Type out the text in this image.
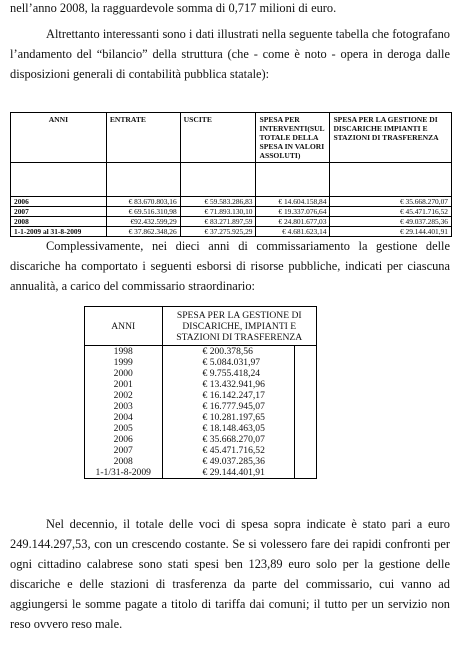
nell’anno 2008, la ragguardevole somma di 0,717 milioni di euro.
Altrettanto interessanti sono i dati illustrati nella seguente tabella che fotografano l’andamento del “bilancio” della struttura (che - come è noto - opera in deroga dalle disposizioni generali di contabilità pubblica statale):
ANNI	ENTRATE	USCITE	SPESA PER INTERVENTI(SUL TOTALE DELLA SPESA IN VALORI ASSOLUTI)	SPESA PER LA GESTIONE DI DISCARICHE IMPIANTI E STAZIONI DI TRASFERENZA

2006	€ 83.670.803,16	€ 59.583.286,83	€ 14.604.158,84	€ 35.668.270,07
2007	€ 69.516.310,98	€ 71.893.130,10	€ 19.337.076,64	€ 45.471.716,52
2008	€92.432.599,29	€ 83.271.897,59	€ 24.801.677,03	€ 49.037.285,36
1-1-2009 al 31-8-2009	€ 37.862.348,26	€ 37.275.925,29	€ 4.681.623,14	€ 29.144.401,91
Complessivamente, nei dieci anni di commissariamento la gestione delle discariche ha comportato i seguenti esborsi di risorse pubbliche, indicati per ciascuna annualità, a carico del commissario straordinario:
ANNI	SPESA PER LA GESTIONE DI DISCARICHE, IMPIANTI E STAZIONI DI TRASFERENZA	
1998	€ 200.378,56	
1999	€ 5.084.031,97	
2000	€ 9.755.418,24	
2001	€ 13.432.941,96	
2002	€ 16.142.247,17	
2003	€ 16.777.945,07	
2004	€ 10.281.197,65	
2005	€ 18.148.463,05	
2006	€ 35.668.270,07	
2007	€ 45.471.716,52	
2008	€ 49.037.285,36	
1-1/31-8-2009	€ 29.144.401,91	
Nel decennio, il totale delle voci di spesa sopra indicate è stato pari a euro 249.144.297,53, con un crescendo costante. Se si volessero fare dei rapidi confronti per ogni cittadino calabrese sono stati spesi ben 123,89 euro solo per la gestione delle discariche e delle stazioni di trasferenza da parte del commissario, cui vanno ad aggiungersi le somme pagate a titolo di tariffa dai comuni; il tutto per un servizio non reso ovvero reso male.
